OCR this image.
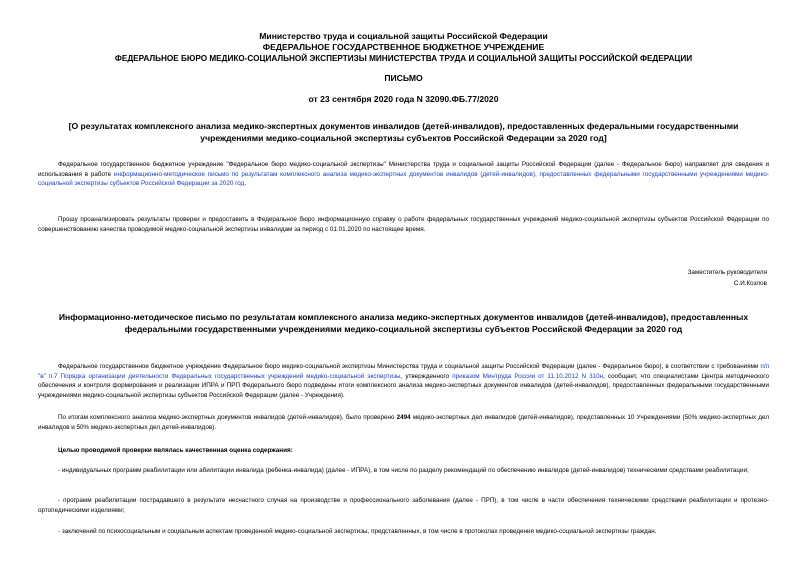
Министерство труда и социальной защиты Российской Федерации
ФЕДЕРАЛЬНОЕ ГОСУДАРСТВЕННОЕ БЮДЖЕТНОЕ УЧРЕЖДЕНИЕ
ФЕДЕРАЛЬНОЕ БЮРО МЕДИКО-СОЦИАЛЬНОЙ ЭКСПЕРТИЗЫ МИНИСТЕРСТВА ТРУДА И СОЦИАЛЬНОЙ ЗАЩИТЫ РОССИЙСКОЙ ФЕДЕРАЦИИ
ПИСЬМО
от 23 сентября 2020 года N 32090.ФБ.77/2020
[О результатах комплексного анализа медико-экспертных документов инвалидов (детей-инвалидов), предоставленных федеральными государственными учреждениями медико-социальной экспертизы субъектов Российской Федерации за 2020 год]
Федеральное государственное бюджетное учреждение "Федеральное бюро медико-социальной экспертизы" Министерства труда и социальной защиты Российской Федерации (далее - Федеральное бюро) направляет для сведения и использования в работе информационно-методическое письмо по результатам комплексного анализа медико-экспертных документов инвалидов (детей-инвалидов), предоставленных федеральными государственными учреждениями медико-социальной экспертизы субъектов Российской Федерации за 2020 год.
Прошу проанализировать результаты проверки и предоставить в Федеральное бюро информационную справку о работе федеральных государственных учреждений медико-социальной экспертизы субъектов Российской Федерации по совершенствованию качества проводимой медико-социальной экспертизы инвалидам за период с 01.01.2020 по настоящее время.
Заместитель руководителя
С.И.Козлов
Информационно-методическое письмо по результатам комплексного анализа медико-экспертных документов инвалидов (детей-инвалидов), предоставленных федеральными государственными учреждениями медико-социальной экспертизы субъектов Российской Федерации за 2020 год
Федеральное государственное бюджетное учреждение Федеральное бюро медико-социальной экспертизы Министерства труда и социальной защиты Российской Федерации (далее - Федеральное бюро), в соответствии с требованиями п/п "в" п.7 Порядка организации деятельности Федеральных государственных учреждений медико-социальной экспертизы, утвержденного приказом Минтруда России от 11.10.2012 N 310н, сообщает, что специалистами Центра методического обеспечения и контроля формирования и реализации ИПРА и ПРП Федерального бюро подведены итоги комплексного анализа медико-экспертных документов инвалидов (детей-инвалидов), предоставленных федеральными государственными учреждениями медико-социальной экспертизы субъектов Российской Федерации (далее - Учреждения).
По итогам комплексного анализа медико-экспертных документов инвалидов (детей-инвалидов), было проверено 2494 медико-экспертных дел инвалидов (детей-инвалидов), представленных 10 Учреждениями (50% медико-экспертных дел инвалидов и 50% медико-экспертных дел детей-инвалидов).
Целью проводимой проверки являлась качественная оценка содержания:
- индивидуальных программ реабилитации или абилитации инвалида (ребенка-инвалида) (далее - ИПРА), в том числе по разделу рекомендаций по обеспечению инвалидов (детей-инвалидов) техническими средствами реабилитации;
- программ реабилитации пострадавшего в результате несчастного случая на производстве и профессионального заболевания (далее - ПРП), в том числе в части обеспечения техническими средствами реабилитации и протезно-ортопедическими изделиями;
- заключений по психосоциальным и социальным аспектам проведенной медико-социальной экспертизы, представленных, в том числе в протоколах проведения медико-социальной экспертизы граждан.
